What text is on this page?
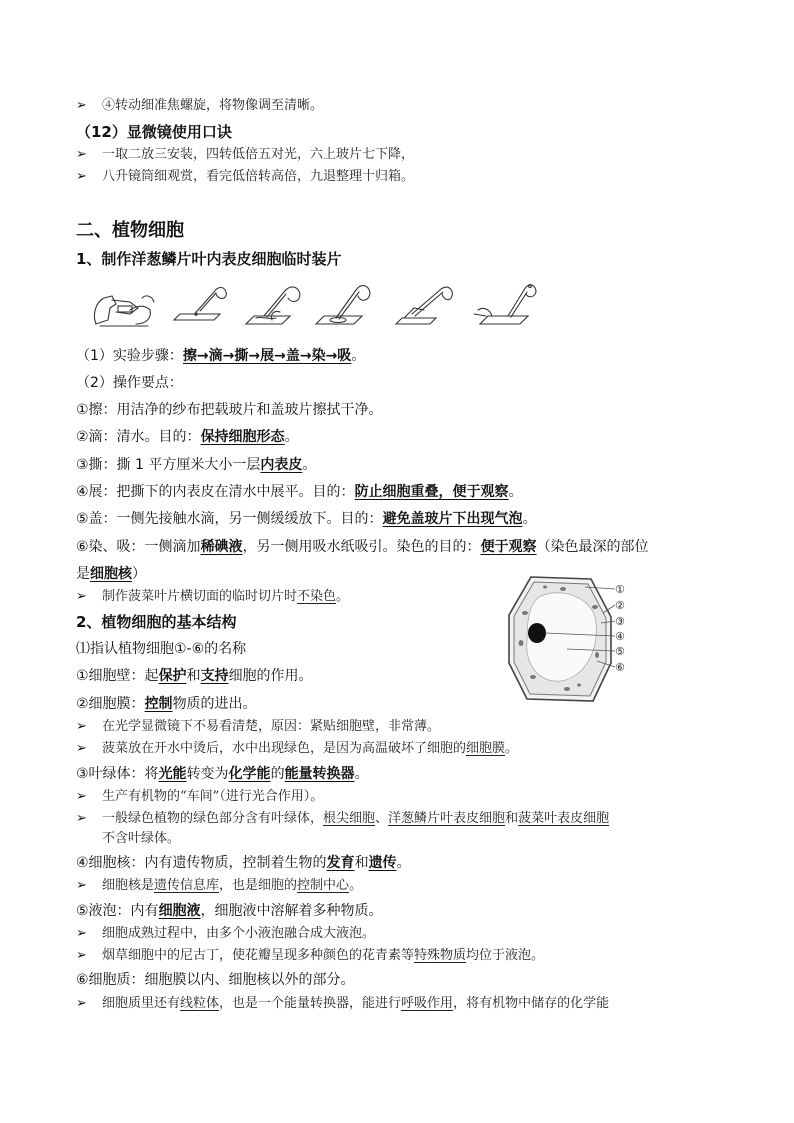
➢ ④转动细准焦螺旋，将物像调至清晰。
（12）显微镜使用口诀
➢ 一取二放三安装，四转低倍五对光，六上玻片七下降，
➢ 八升镜筒细观赏，看完低倍转高倍，九退整理十归箱。
二、植物细胞
1、制作洋葱鳞片叶内表皮细胞临时装片
（1）实验步骤：擦→滴→撕→展→盖→染→吸。
（2）操作要点：
①擦：用洁净的纱布把载玻片和盖玻片擦拭干净。
②滴：清水。目的：保持细胞形态。
③撕：撕 1 平方厘米大小一层内表皮。
④展：把撕下的内表皮在清水中展平。目的：防止细胞重叠，便于观察。
⑤盖：一侧先接触水滴，另一侧缓缓放下。目的：避免盖玻片下出现气泡。
⑥染、吸：一侧滴加稀碘液，另一侧用吸水纸吸引。染色的目的：便于观察（染色最深的部位
是细胞核）
➢ 制作菠菜叶片横切面的临时切片时不染色。
2、植物细胞的基本结构
⑴指认植物细胞①-⑥的名称
①
②
③
④
⑤
⑥
①细胞壁：起保护和支持细胞的作用。
②细胞膜：控制物质的进出。
➢ 在光学显微镜下不易看清楚，原因：紧贴细胞壁，非常薄。
➢ 菠菜放在开水中烫后，水中出现绿色，是因为高温破坏了细胞的细胞膜。
③叶绿体：将光能转变为化学能的能量转换器。
➢ 生产有机物的“车间”（进行光合作用）。
➢ 一般绿色植物的绿色部分含有叶绿体，根尖细胞、洋葱鳞片叶表皮细胞和菠菜叶表皮细胞
不含叶绿体。
④细胞核：内有遗传物质，控制着生物的发育和遗传。
➢ 细胞核是遗传信息库，也是细胞的控制中心。
⑤液泡：内有细胞液，细胞液中溶解着多种物质。
➢ 细胞成熟过程中，由多个小液泡融合成大液泡。
➢ 烟草细胞中的尼古丁，使花瓣呈现多种颜色的花青素等特殊物质均位于液泡。
⑥细胞质：细胞膜以内、细胞核以外的部分。
➢ 细胞质里还有线粒体，也是一个能量转换器，能进行呼吸作用，将有机物中储存的化学能
